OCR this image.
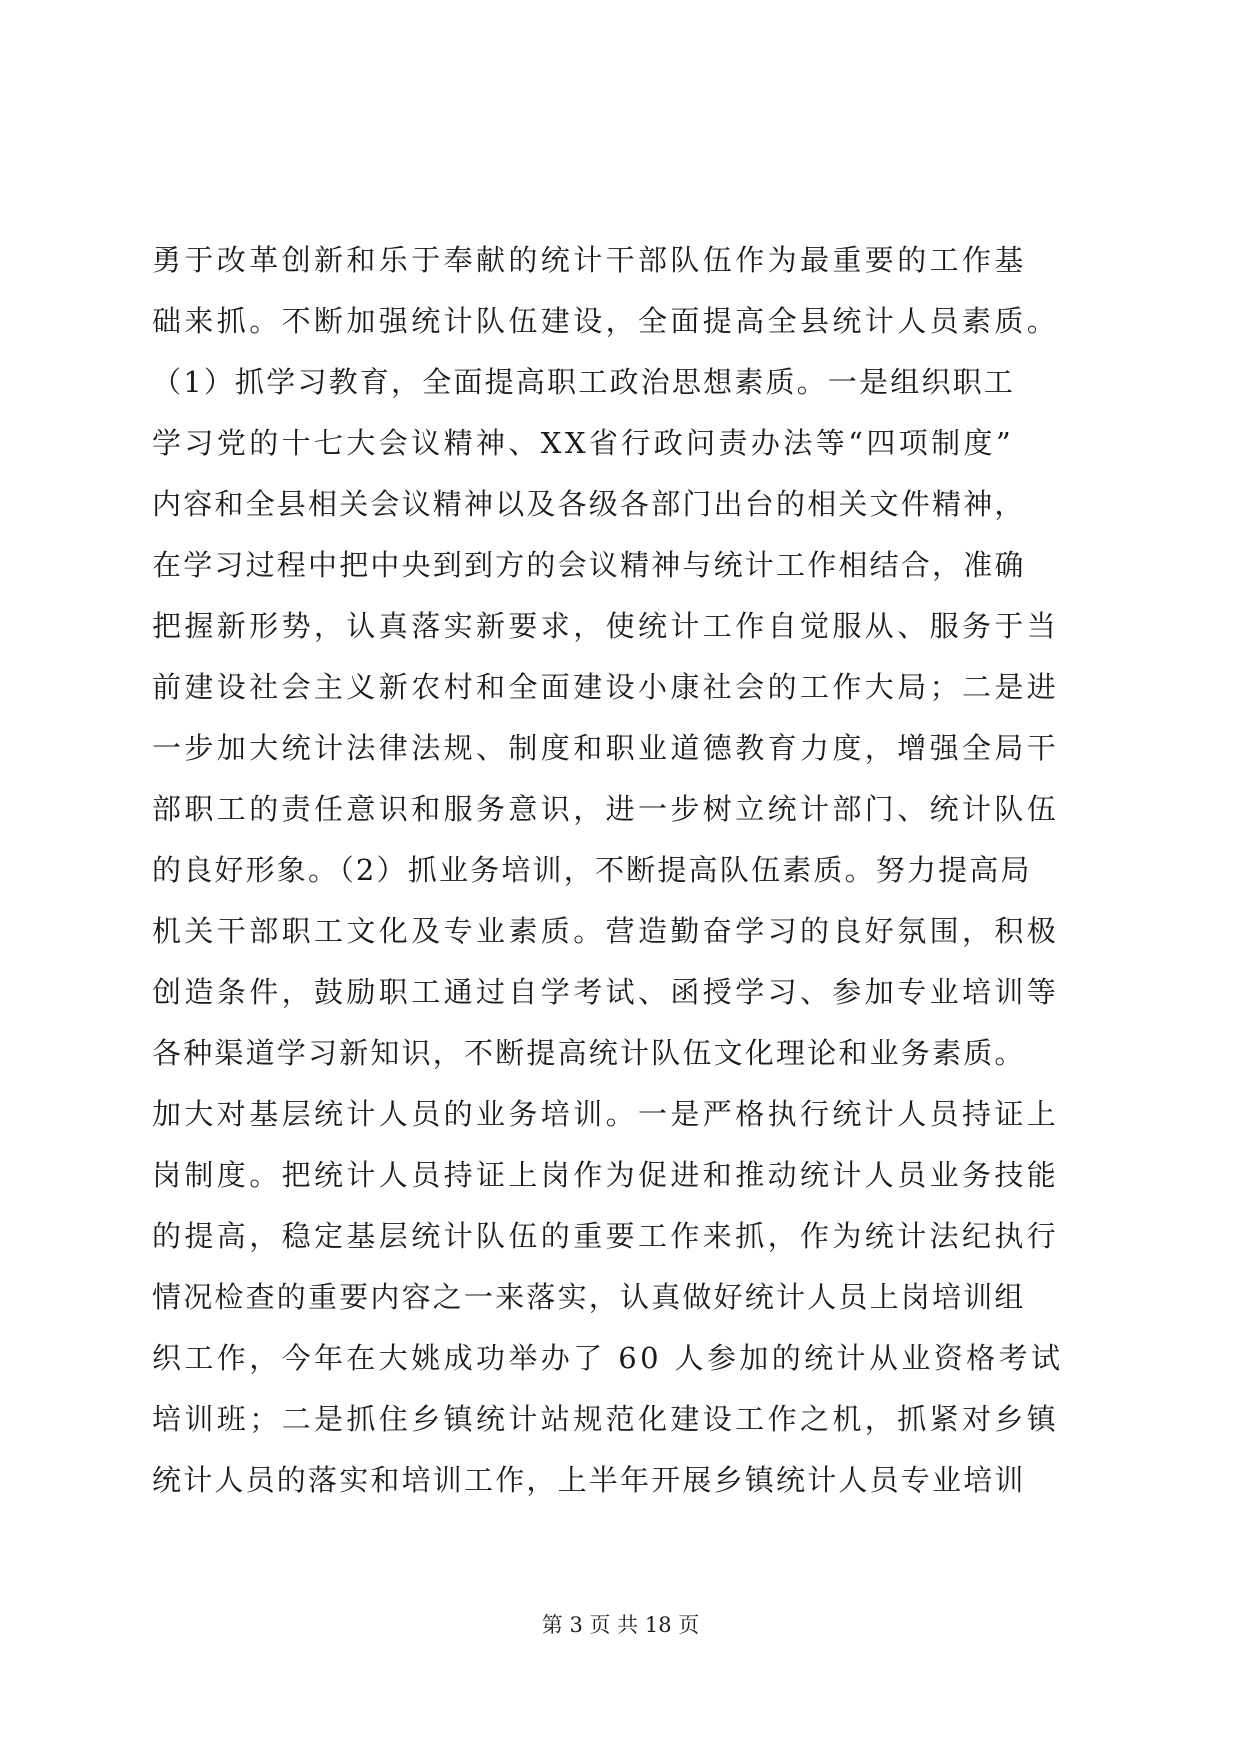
勇于改革创新和乐于奉献的统计干部队伍作为最重要的工作基
础来抓。不断加强统计队伍建设，全面提高全县统计人员素质。
（1）抓学习教育，全面提高职工政治思想素质。一是组织职工
学习党的十七大会议精神、XX省行政问责办法等“四项制度”
内容和全县相关会议精神以及各级各部门出台的相关文件精神，
在学习过程中把中央到到方的会议精神与统计工作相结合，准确
把握新形势，认真落实新要求，使统计工作自觉服从、服务于当
前建设社会主义新农村和全面建设小康社会的工作大局；二是进
一步加大统计法律法规、制度和职业道德教育力度，增强全局干
部职工的责任意识和服务意识，进一步树立统计部门、统计队伍
的良好形象。（2）抓业务培训，不断提高队伍素质。努力提高局
机关干部职工文化及专业素质。营造勤奋学习的良好氛围，积极
创造条件，鼓励职工通过自学考试、函授学习、参加专业培训等
各种渠道学习新知识，不断提高统计队伍文化理论和业务素质。
加大对基层统计人员的业务培训。一是严格执行统计人员持证上
岗制度。把统计人员持证上岗作为促进和推动统计人员业务技能
的提高，稳定基层统计队伍的重要工作来抓，作为统计法纪执行
情况检查的重要内容之一来落实，认真做好统计人员上岗培训组
织工作，今年在大姚成功举办了 60 人参加的统计从业资格考试
培训班；二是抓住乡镇统计站规范化建设工作之机，抓紧对乡镇
统计人员的落实和培训工作，上半年开展乡镇统计人员专业培训
第 3 页 共 18 页
